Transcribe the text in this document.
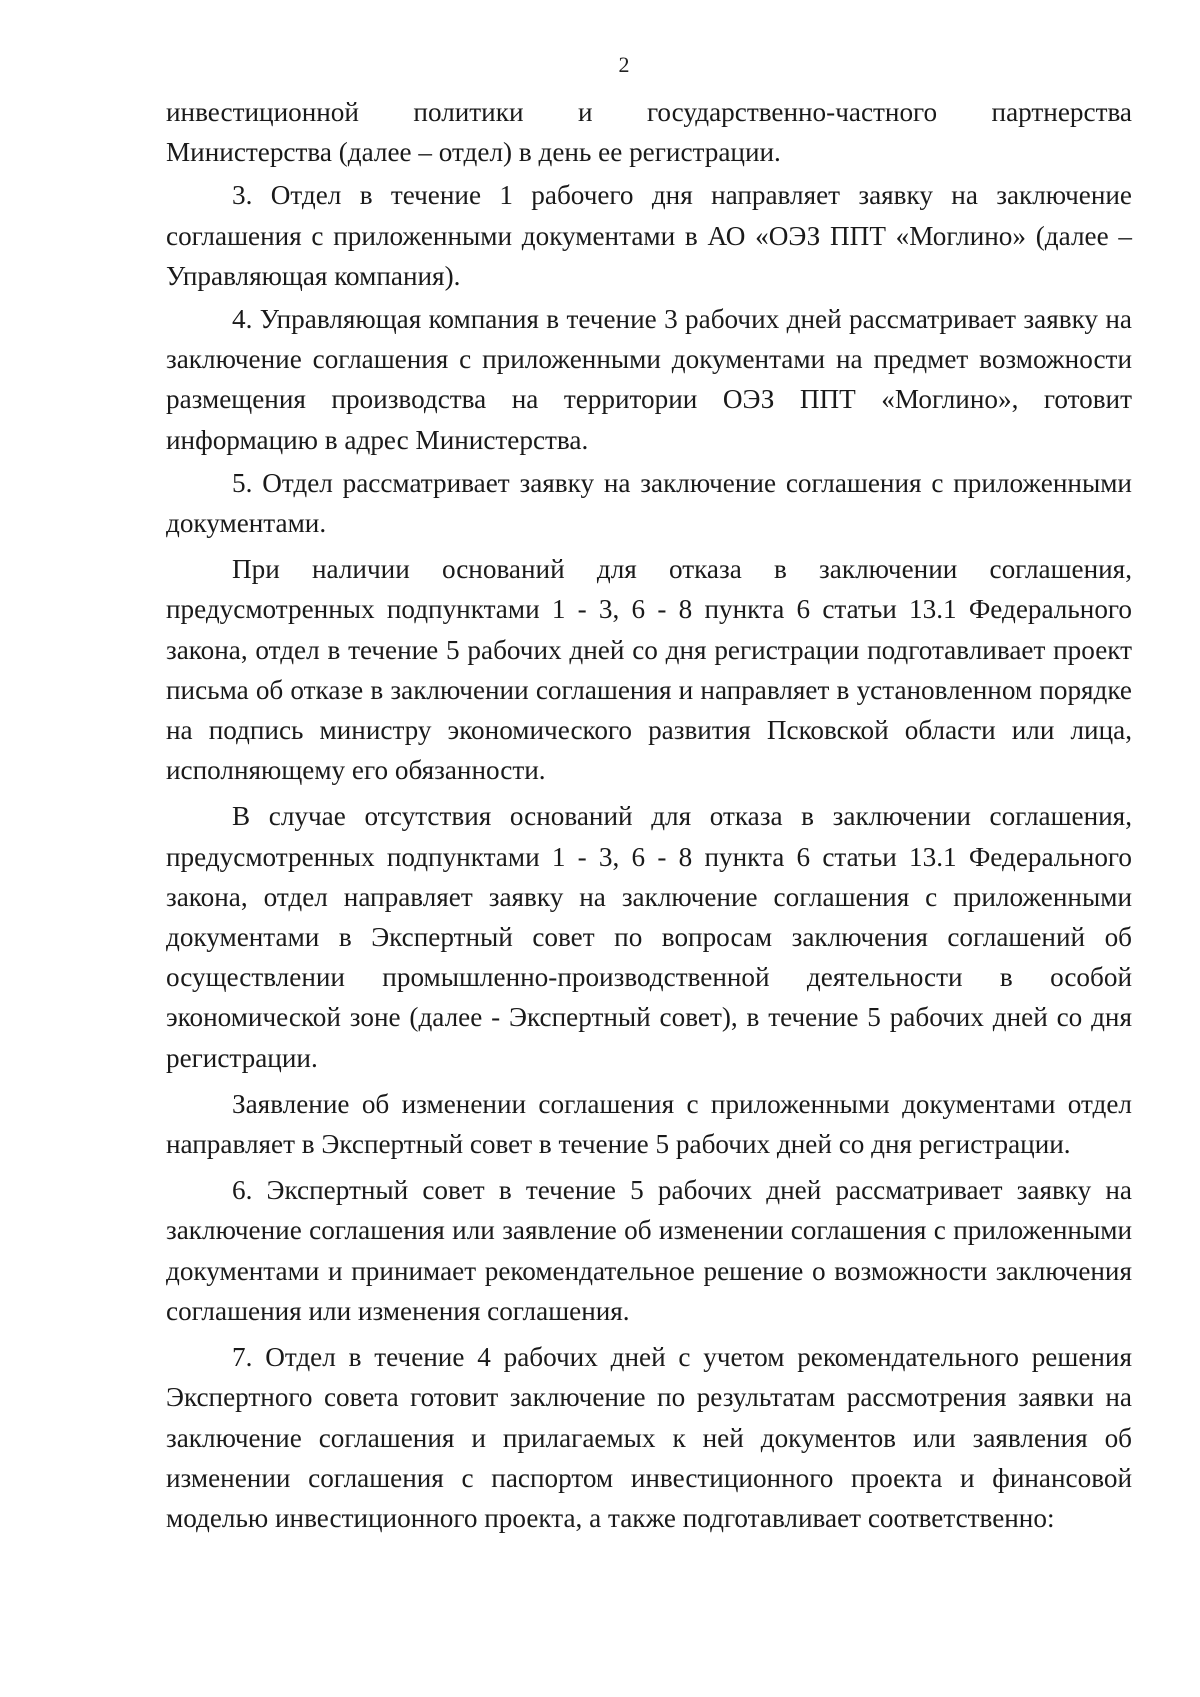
2

инвестиционной политики и государственно-частного партнерства

Министерства (далее – отдел) в день ее регистрации.

3. Отдел в течение 1 рабочего дня направляет заявку на заключение соглашения с приложенными документами в АО «ОЭЗ ППТ «Моглино» (далее – Управляющая компания).

4. Управляющая компания в течение 3 рабочих дней рассматривает заявку на заключение соглашения с приложенными документами на предмет возможности размещения производства на территории ОЭЗ ППТ «Моглино», готовит информацию в адрес Министерства.

5. Отдел рассматривает заявку на заключение соглашения с приложенными документами.

При наличии оснований для отказа в заключении соглашения, предусмотренных подпунктами 1 - 3, 6 - 8 пункта 6 статьи 13.1 Федерального закона, отдел в течение 5 рабочих дней со дня регистрации подготавливает проект письма об отказе в заключении соглашения и направляет в установленном порядке на подпись министру экономического развития Псковской области или лица, исполняющему его обязанности.

В случае отсутствия оснований для отказа в заключении соглашения, предусмотренных подпунктами 1 - 3, 6 - 8 пункта 6 статьи 13.1 Федерального закона, отдел направляет заявку на заключение соглашения с приложенными документами в Экспертный совет по вопросам заключения соглашений об осуществлении промышленно-производственной деятельности в особой экономической зоне (далее - Экспертный совет), в течение 5 рабочих дней со дня регистрации.

Заявление об изменении соглашения с приложенными документами отдел направляет в Экспертный совет в течение 5 рабочих дней со дня регистрации.

6. Экспертный совет в течение 5 рабочих дней рассматривает заявку на заключение соглашения или заявление об изменении соглашения с приложенными документами и принимает рекомендательное решение о возможности заключения соглашения или изменения соглашения.

7. Отдел в течение 4 рабочих дней с учетом рекомендательного решения Экспертного совета готовит заключение по результатам рассмотрения заявки на заключение соглашения и прилагаемых к ней документов или заявления об изменении соглашения с паспортом инвестиционного проекта и финансовой моделью инвестиционного проекта, а также подготавливает соответственно:
